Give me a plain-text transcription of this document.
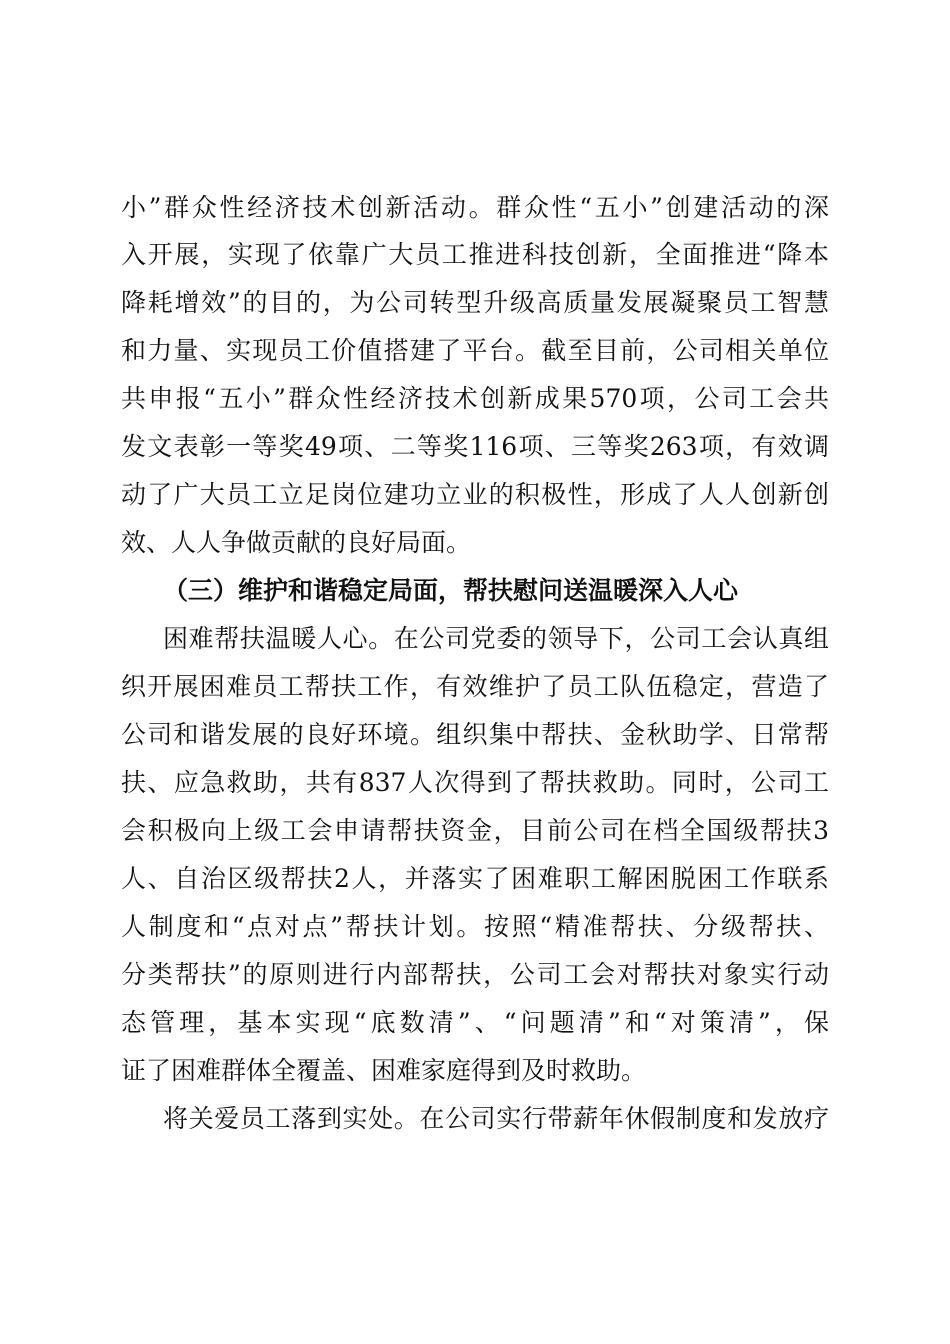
小”群众性经济技术创新活动。群众性“五小”创建活动的深
入开展，实现了依靠广大员工推进科技创新，全面推进“降本
降耗增效”的目的，为公司转型升级高质量发展凝聚员工智慧
和力量、实现员工价值搭建了平台。截至目前，公司相关单位
共申报“五小”群众性经济技术创新成果570项，公司工会共
发文表彰一等奖49项、二等奖116项、三等奖263项，有效调
动了广大员工立足岗位建功立业的积极性，形成了人人创新创
效、人人争做贡献的良好局面。
（三）维护和谐稳定局面，帮扶慰问送温暖深入人心
困难帮扶温暖人心。在公司党委的领导下，公司工会认真组
织开展困难员工帮扶工作，有效维护了员工队伍稳定，营造了
公司和谐发展的良好环境。组织集中帮扶、金秋助学、日常帮
扶、应急救助，共有837人次得到了帮扶救助。同时，公司工
会积极向上级工会申请帮扶资金，目前公司在档全国级帮扶3
人、自治区级帮扶2人，并落实了困难职工解困脱困工作联系
人制度和“点对点”帮扶计划。按照“精准帮扶、分级帮扶、
分类帮扶”的原则进行内部帮扶，公司工会对帮扶对象实行动
态管理，基本实现“底数清”、“问题清”和“对策清”，保
证了困难群体全覆盖、困难家庭得到及时救助。
将关爱员工落到实处。在公司实行带薪年休假制度和发放疗
